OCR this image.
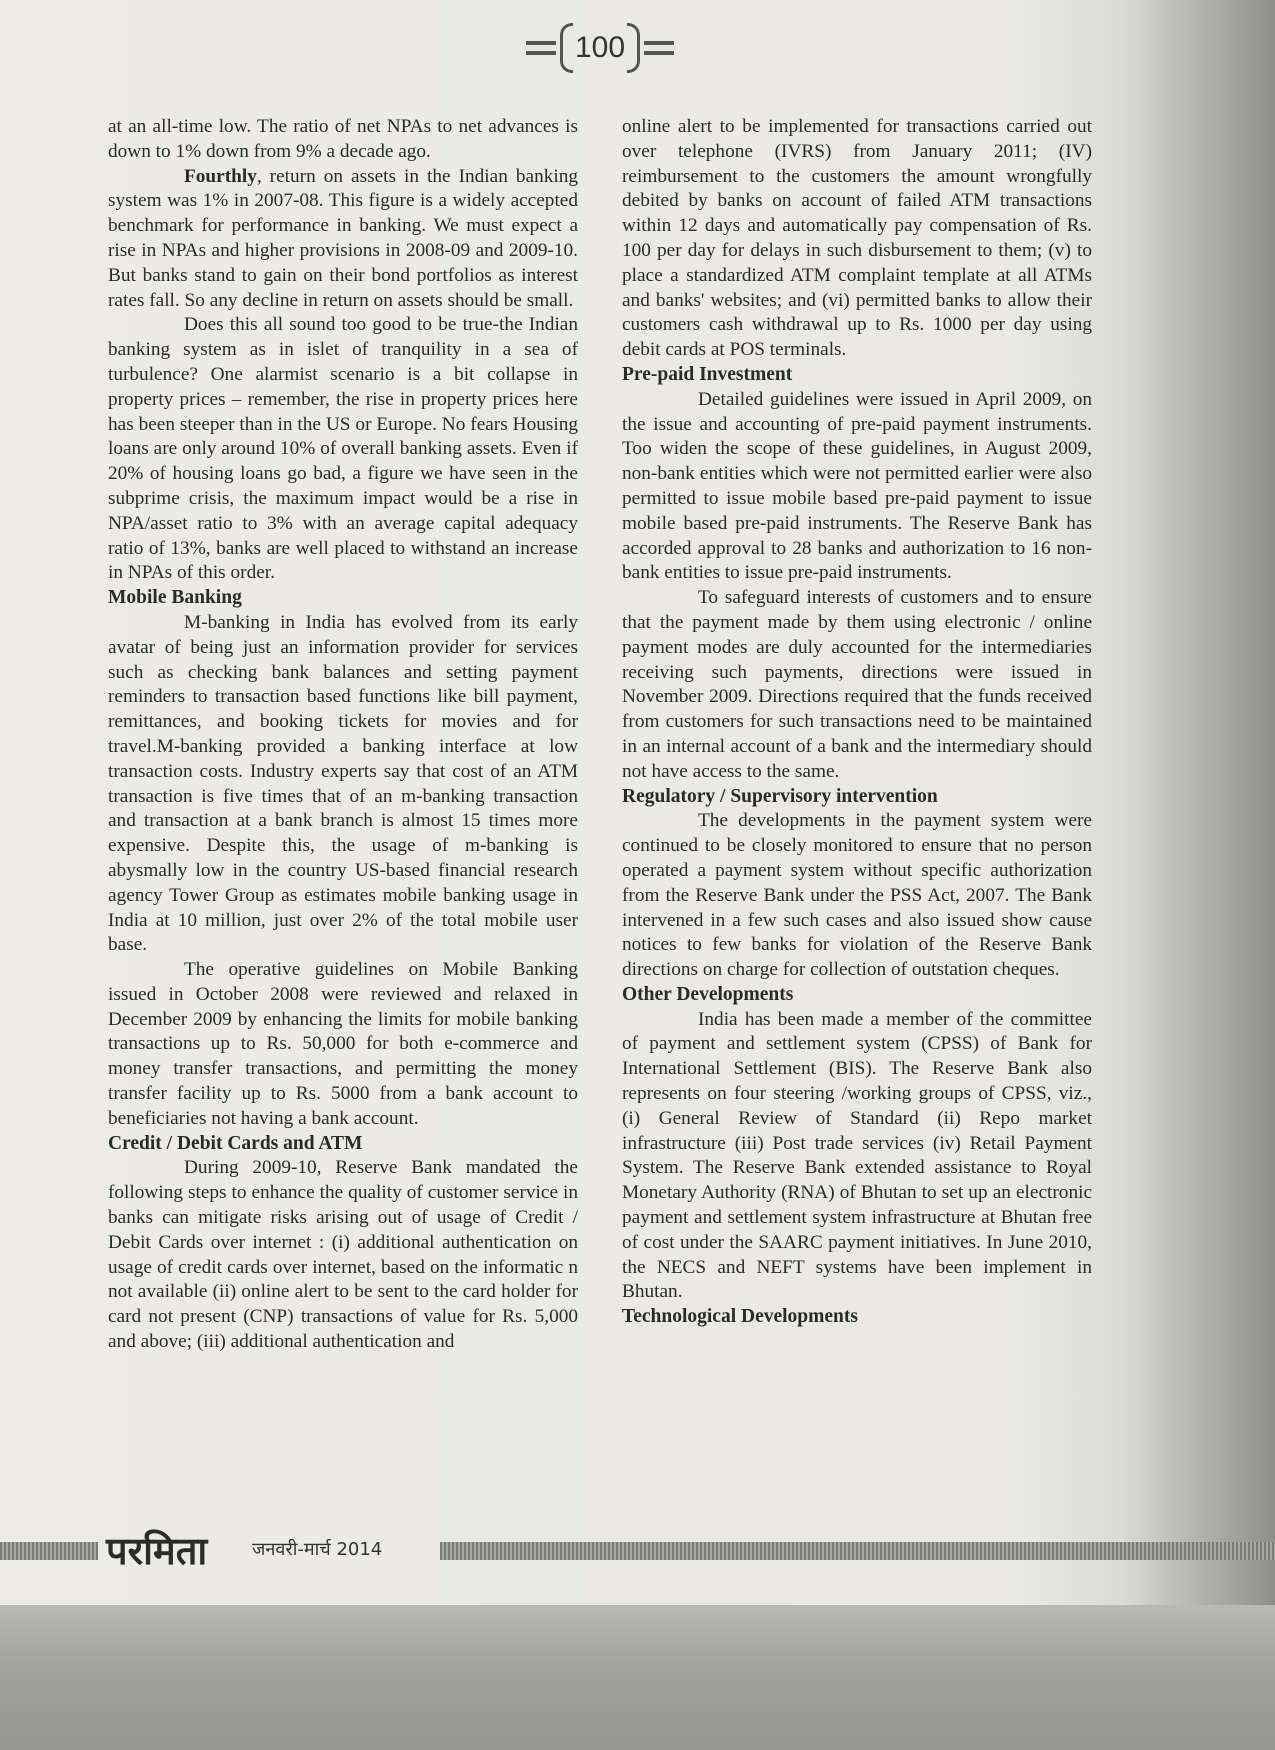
100

at an all-time low. The ratio of net NPAs to net advances is down to 1% down from 9% a decade ago.

Fourthly, return on assets in the Indian banking system was 1% in 2007-08. This figure is a widely accepted benchmark for performance in banking. We must expect a rise in NPAs and higher provisions in 2008-09 and 2009-10. But banks stand to gain on their bond portfolios as interest rates fall. So any decline in return on assets should be small.

Does this all sound too good to be true-the Indian banking system as in islet of tranquility in a sea of turbulence? One alarmist scenario is a bit collapse in property prices – remember, the rise in property prices here has been steeper than in the US or Europe. No fears Housing loans are only around 10% of overall banking assets. Even if 20% of housing loans go bad, a figure we have seen in the subprime crisis, the maximum impact would be a rise in NPA/asset ratio to 3% with an average capital adequacy ratio of 13%, banks are well placed to withstand an increase in NPAs of this order.

Mobile Banking

M-banking in India has evolved from its early avatar of being just an information provider for services such as checking bank balances and setting payment reminders to transaction based functions like bill payment, remittances, and booking tickets for movies and for travel.M-banking provided a banking interface at low transaction costs. Industry experts say that cost of an ATM transaction is five times that of an m-banking transaction and transaction at a bank branch is almost 15 times more expensive. Despite this, the usage of m-banking is abysmally low in the country US-based financial research agency Tower Group as estimates mobile banking usage in India at 10 million, just over 2% of the total mobile user base.

The operative guidelines on Mobile Banking issued in October 2008 were reviewed and relaxed in December 2009 by enhancing the limits for mobile banking transactions up to Rs. 50,000 for both e-commerce and money transfer transactions, and permitting the money transfer facility up to Rs. 5000 from a bank account to beneficiaries not having a bank account.

Credit / Debit Cards and ATM

During 2009-10, Reserve Bank mandated the following steps to enhance the quality of customer service in banks can mitigate risks arising out of usage of Credit / Debit Cards over internet : (i) additional authentication on usage of credit cards over internet, based on the informatic n not available (ii) online alert to be sent to the card holder for card not present (CNP) transactions of value for Rs. 5,000 and above; (iii) additional authentication and

online alert to be implemented for transactions carried out over telephone (IVRS) from January 2011; (IV) reimbursement to the customers the amount wrongfully debited by banks on account of failed ATM transactions within 12 days and automatically pay compensation of Rs. 100 per day for delays in such disbursement to them; (v) to place a standardized ATM complaint template at all ATMs and banks' websites; and (vi) permitted banks to allow their customers cash withdrawal up to Rs. 1000 per day using debit cards at POS terminals.

Pre-paid Investment

Detailed guidelines were issued in April 2009, on the issue and accounting of pre-paid payment instruments. Too widen the scope of these guidelines, in August 2009, non-bank entities which were not permitted earlier were also permitted to issue mobile based pre-paid payment to issue mobile based pre-paid instruments. The Reserve Bank has accorded approval to 28 banks and authorization to 16 non-bank entities to issue pre-paid instruments.

To safeguard interests of customers and to ensure that the payment made by them using electronic / online payment modes are duly accounted for the intermediaries receiving such payments, directions were issued in November 2009. Directions required that the funds received from customers for such transactions need to be maintained in an internal account of a bank and the intermediary should not have access to the same.

Regulatory / Supervisory intervention

The developments in the payment system were continued to be closely monitored to ensure that no person operated a payment system without specific authorization from the Reserve Bank under the PSS Act, 2007. The Bank intervened in a few such cases and also issued show cause notices to few banks for violation of the Reserve Bank directions on charge for collection of outstation cheques.

Other Developments

India has been made a member of the committee of payment and settlement system (CPSS) of Bank for International Settlement (BIS). The Reserve Bank also represents on four steering /working groups of CPSS, viz., (i) General Review of Standard (ii) Repo market infrastructure (iii) Post trade services (iv) Retail Payment System. The Reserve Bank extended assistance to Royal Monetary Authority (RNA) of Bhutan to set up an electronic payment and settlement system infrastructure at Bhutan free of cost under the SAARC payment initiatives. In June 2010, the NECS and NEFT systems have been implement in Bhutan.

Technological Developments
परमिता जनवरी-मार्च 2014
